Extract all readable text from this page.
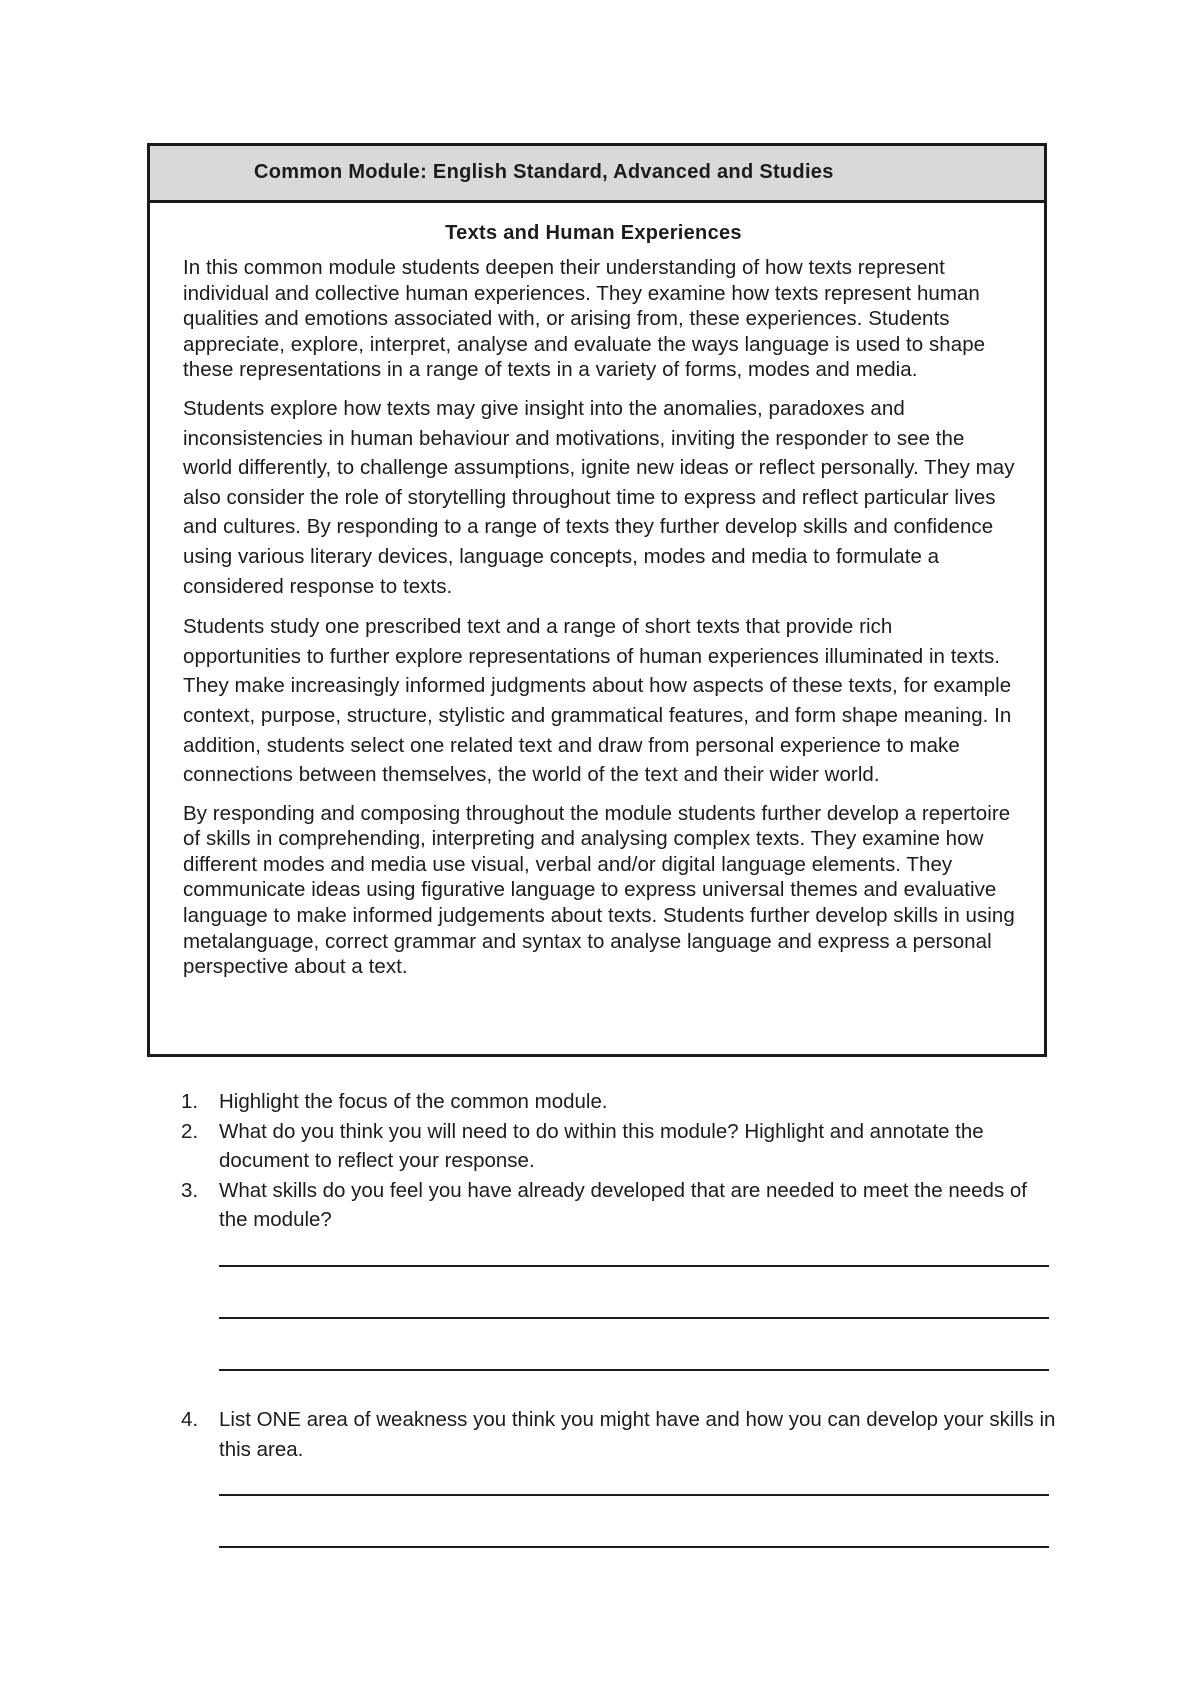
Common Module: English Standard, Advanced and Studies
Texts and Human Experiences

In this common module students deepen their understanding of how texts represent individual and collective human experiences. They examine how texts represent human qualities and emotions associated with, or arising from, these experiences. Students appreciate, explore, interpret, analyse and evaluate the ways language is used to shape these representations in a range of texts in a variety of forms, modes and media.

Students explore how texts may give insight into the anomalies, paradoxes and inconsistencies in human behaviour and motivations, inviting the responder to see the world differently, to challenge assumptions, ignite new ideas or reflect personally. They may also consider the role of storytelling throughout time to express and reflect particular lives and cultures. By responding to a range of texts they further develop skills and confidence using various literary devices, language concepts, modes and media to formulate a considered response to texts.

Students study one prescribed text and a range of short texts that provide rich opportunities to further explore representations of human experiences illuminated in texts. They make increasingly informed judgments about how aspects of these texts, for example context, purpose, structure, stylistic and grammatical features, and form shape meaning. In addition, students select one related text and draw from personal experience to make connections between themselves, the world of the text and their wider world.

By responding and composing throughout the module students further develop a repertoire of skills in comprehending, interpreting and analysing complex texts. They examine how different modes and media use visual, verbal and/or digital language elements. They communicate ideas using figurative language to express universal themes and evaluative language to make informed judgements about texts. Students further develop skills in using metalanguage, correct grammar and syntax to analyse language and express a personal perspective about a text.

1. Highlight the focus of the common module.
2. What do you think you will need to do within this module? Highlight and annotate the document to reflect your response.
3. What skills do you feel you have already developed that are needed to meet the needs of the module?
4. List ONE area of weakness you think you might have and how you can develop your skills in this area.
